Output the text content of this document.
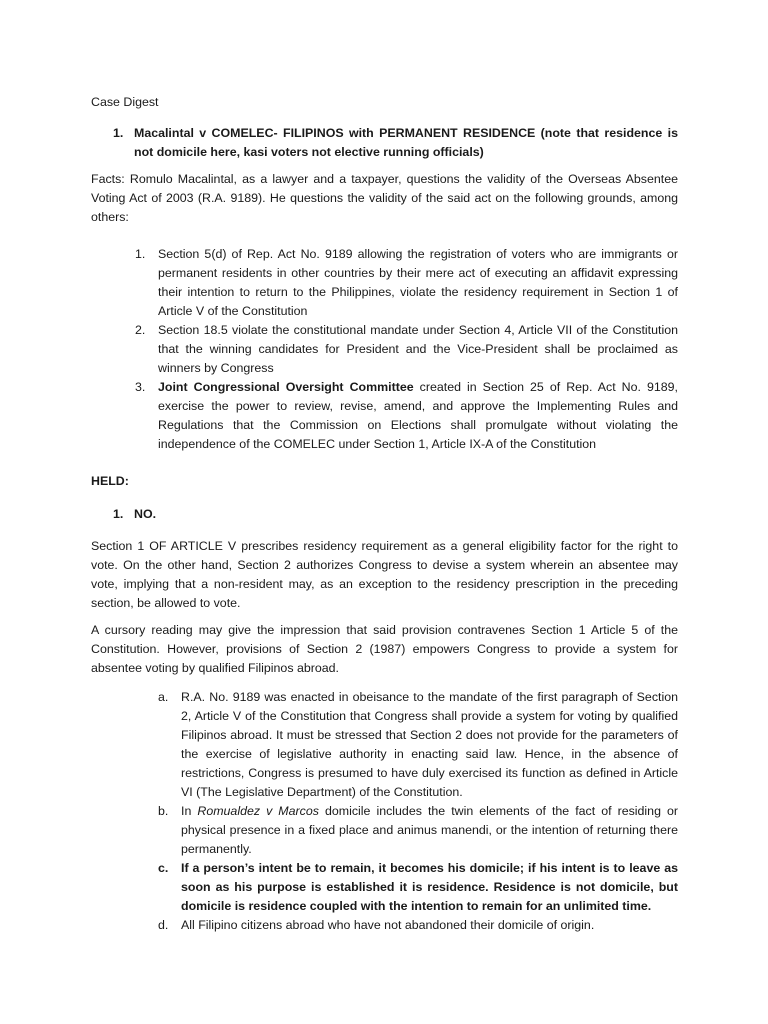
Case Digest

1. Macalintal v COMELEC- FILIPINOS with PERMANENT RESIDENCE (note that residence is not domicile here, kasi voters not elective running officials)

Facts: Romulo Macalintal, as a lawyer and a taxpayer, questions the validity of the Overseas Absentee Voting Act of 2003 (R.A. 9189). He questions the validity of the said act on the following grounds, among others:

1. Section 5(d) of Rep. Act No. 9189 allowing the registration of voters who are immigrants or permanent residents in other countries by their mere act of executing an affidavit expressing their intention to return to the Philippines, violate the residency requirement in Section 1 of Article V of the Constitution

2. Section 18.5 violate the constitutional mandate under Section 4, Article VII of the Constitution that the winning candidates for President and the Vice-President shall be proclaimed as winners by Congress

3. Joint Congressional Oversight Committee created in Section 25 of Rep. Act No. 9189, exercise the power to review, revise, amend, and approve the Implementing Rules and Regulations that the Commission on Elections shall promulgate without violating the independence of the COMELEC under Section 1, Article IX-A of the Constitution

HELD:

1. NO.

Section 1 OF ARTICLE V prescribes residency requirement as a general eligibility factor for the right to vote. On the other hand, Section 2 authorizes Congress to devise a system wherein an absentee may vote, implying that a non-resident may, as an exception to the residency prescription in the preceding section, be allowed to vote.

A cursory reading may give the impression that said provision contravenes Section 1 Article 5 of the Constitution. However, provisions of Section 2 (1987) empowers Congress to provide a system for absentee voting by qualified Filipinos abroad.

a. R.A. No. 9189 was enacted in obeisance to the mandate of the first paragraph of Section 2, Article V of the Constitution that Congress shall provide a system for voting by qualified Filipinos abroad. It must be stressed that Section 2 does not provide for the parameters of the exercise of legislative authority in enacting said law. Hence, in the absence of restrictions, Congress is presumed to have duly exercised its function as defined in Article VI (The Legislative Department) of the Constitution.

b. In Romualdez v Marcos domicile includes the twin elements of the fact of residing or physical presence in a fixed place and animus manendi, or the intention of returning there permanently.

c. If a person’s intent be to remain, it becomes his domicile; if his intent is to leave as soon as his purpose is established it is residence. Residence is not domicile, but domicile is residence coupled with the intention to remain for an unlimited time.

d. All Filipino citizens abroad who have not abandoned their domicile of origin.
